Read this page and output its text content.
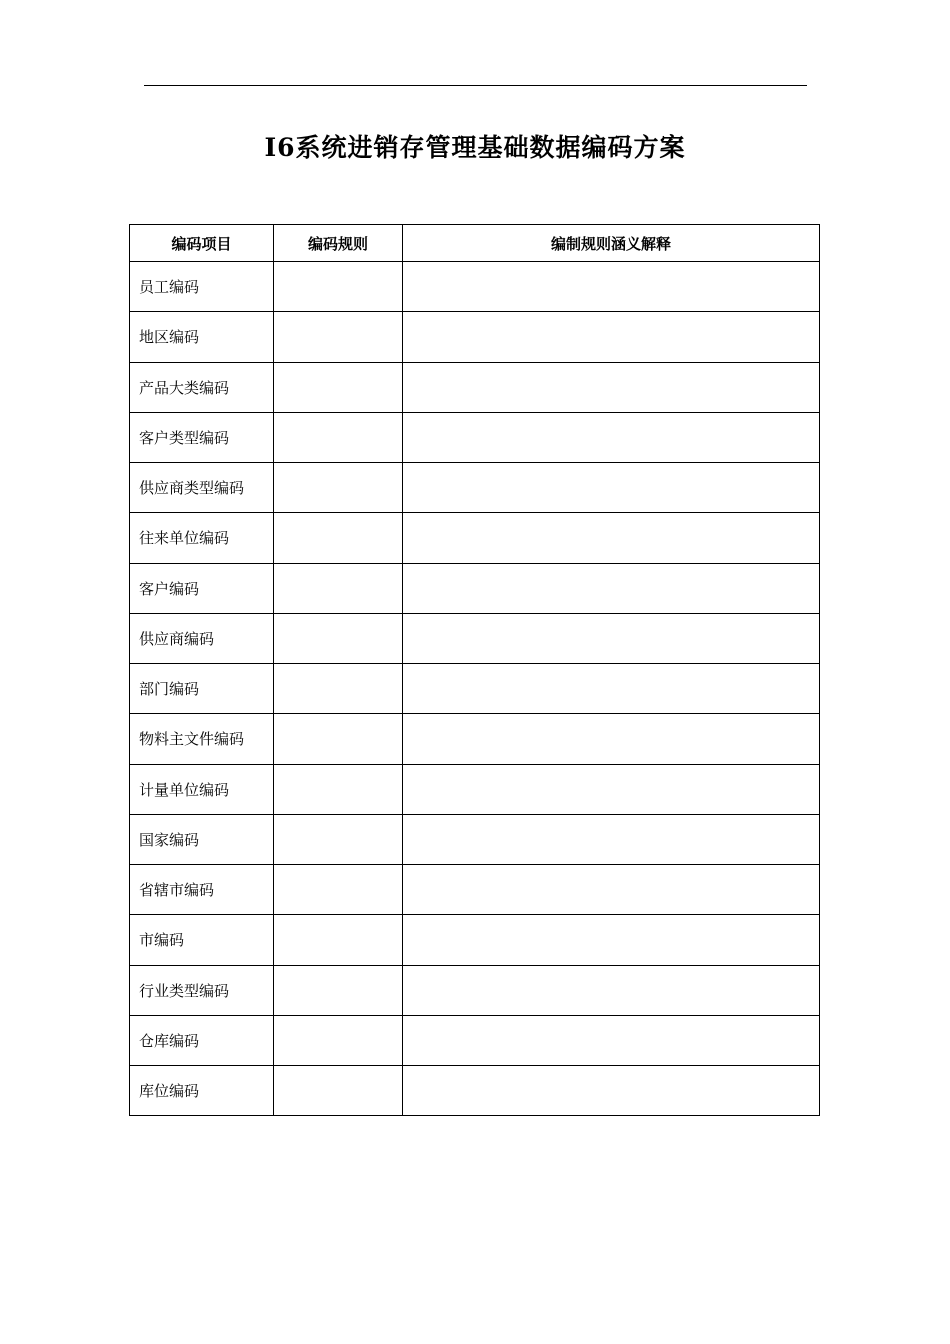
I6系统进销存管理基础数据编码方案
编码项目	编码规则	编制规则涵义解释
员工编码		
地区编码		
产品大类编码		
客户类型编码		
供应商类型编码		
往来单位编码		
客户编码		
供应商编码		
部门编码		
物料主文件编码		
计量单位编码		
国家编码		
省辖市编码		
市编码		
行业类型编码		
仓库编码		
库位编码		
